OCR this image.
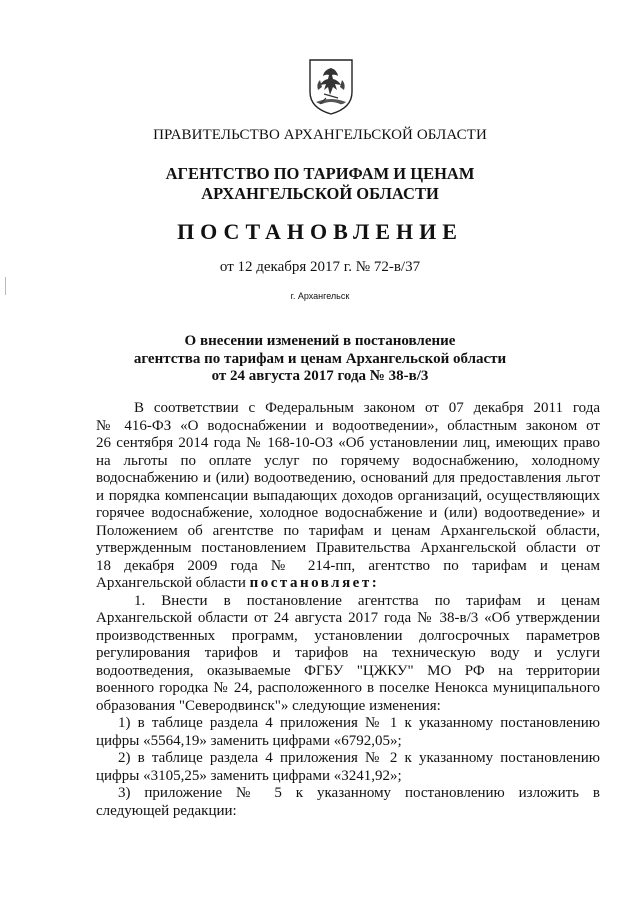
ПРАВИТЕЛЬСТВО АРХАНГЕЛЬСКОЙ ОБЛАСТИ
АГЕНТСТВО ПО ТАРИФАМ И ЦЕНАМ
АРХАНГЕЛЬСКОЙ ОБЛАСТИ
ПОСТАНОВЛЕНИЕ
от 12 декабря 2017 г. № 72-в/37
г. Архангельск
О внесении изменений в постановление
агентства по тарифам и ценам Архангельской области
от 24 августа 2017 года № 38-в/3
В соответствии с Федеральным законом от 07 декабря 2011 года
№ 416-ФЗ «О водоснабжении и водоотведении», областным законом от
26 сентября 2014 года № 168-10-ОЗ «Об установлении лиц, имеющих право
на льготы по оплате услуг по горячему водоснабжению, холодному
водоснабжению и (или) водоотведению, оснований для предоставления льгот
и порядка компенсации выпадающих доходов организаций, осуществляющих
горячее водоснабжение, холодное водоснабжение и (или) водоотведение» и
Положением об агентстве по тарифам и ценам Архангельской области,
утвержденным постановлением Правительства Архангельской области от
18 декабря 2009 года № 214-пп, агентство по тарифам и ценам
Архангельской области постановляет:
1. Внести в постановление агентства по тарифам и ценам
Архангельской области от 24 августа 2017 года № 38-в/3 «Об утверждении
производственных программ, установлении долгосрочных параметров
регулирования тарифов и тарифов на техническую воду и услуги
водоотведения, оказываемые ФГБУ "ЦЖКУ" МО РФ на территории
военного городка № 24, расположенного в поселке Ненокса муниципального
образования "Северодвинск"» следующие изменения:
1) в таблице раздела 4 приложения № 1 к указанному постановлению
цифры «5564,19» заменить цифрами «6792,05»;
2) в таблице раздела 4 приложения № 2 к указанному постановлению
цифры «3105,25» заменить цифрами «3241,92»;
3) приложение № 5 к указанному постановлению изложить в
следующей редакции:
